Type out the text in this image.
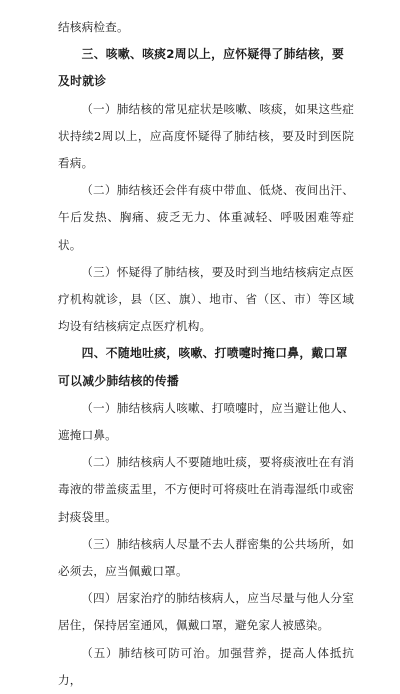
结核病检查。

三、咳嗽、咳痰2周以上，应怀疑得了肺结核，要及时就诊

（一）肺结核的常见症状是咳嗽、咳痰，如果这些症状持续2周以上，应高度怀疑得了肺结核，要及时到医院看病。

（二）肺结核还会伴有痰中带血、低烧、夜间出汗、午后发热、胸痛、疲乏无力、体重减轻、呼吸困难等症状。

（三）怀疑得了肺结核，要及时到当地结核病定点医疗机构就诊，县（区、旗）、地市、省（区、市）等区域均设有结核病定点医疗机构。

四、不随地吐痰，咳嗽、打喷嚏时掩口鼻，戴口罩可以减少肺结核的传播

（一）肺结核病人咳嗽、打喷嚏时，应当避让他人、遮掩口鼻。

（二）肺结核病人不要随地吐痰，要将痰液吐在有消毒液的带盖痰盂里，不方便时可将痰吐在消毒湿纸巾或密封痰袋里。

（三）肺结核病人尽量不去人群密集的公共场所，如必须去，应当佩戴口罩。

（四）居家治疗的肺结核病人，应当尽量与他人分室居住，保持居室通风，佩戴口罩，避免家人被感染。

（五）肺结核可防可治。加强营养，提高人体抵抗力，
